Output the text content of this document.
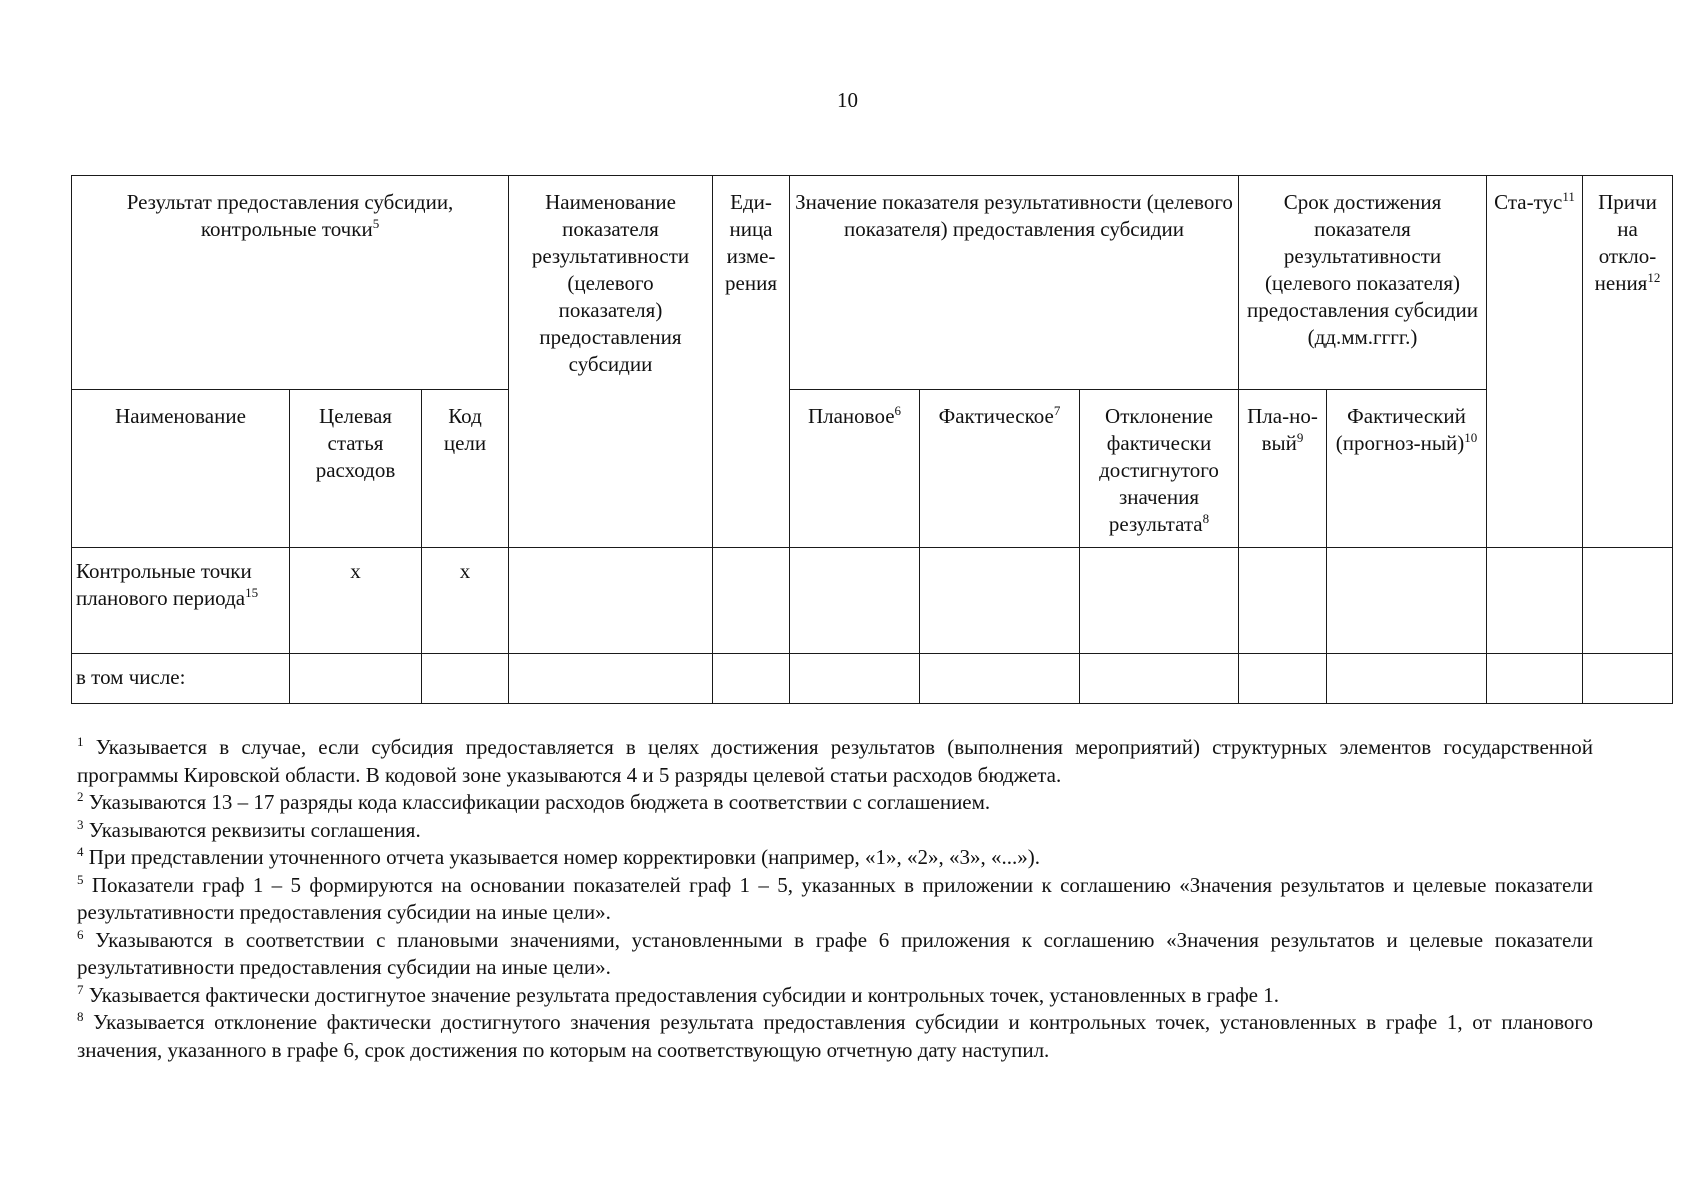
10
Результат предоставления субсидии, контрольные точки$^5$			Наименование показателя результативности (целевого показателя) предоставления субсидии	Еди-ница изме-рения	Значение показателя результативности (целевого показателя) предоставления субсидии			Срок достижения показателя результативности (целевого показателя) предоставления субсидии (дд.мм.гггг.)		Ста-тус$^{11}$	Причи на откло-нения$^{12}$
Наименование	Целевая статья расходов	Код цели			Плановое$^6$	Фактическое$^7$	Отклонение фактически достигнутого значения результата$^8$	Пла-но-вый$^9$	Фактический (прогноз-ный)$^{10}$
Контрольные точки планового периода$^{15}$	x	x									
в том числе:											

$^1$ Указывается в случае, если субсидия предоставляется в целях достижения результатов (выполнения мероприятий) структурных элементов государственной программы Кировской области. В кодовой зоне указываются 4 и 5 разряды целевой статьи расходов бюджета.

$^2$ Указываются 13 – 17 разряды кода классификации расходов бюджета в соответствии с соглашением.

$^3$ Указываются реквизиты соглашения.

$^4$ При представлении уточненного отчета указывается номер корректировки (например, «1», «2», «3», «...»).

$^5$ Показатели граф 1 – 5 формируются на основании показателей граф 1 – 5, указанных в приложении к соглашению «Значения результатов и целевые показатели результативности предоставления субсидии на иные цели».

$^6$ Указываются в соответствии с плановыми значениями, установленными в графе 6 приложения к соглашению «Значения результатов и целевые показатели результативности предоставления субсидии на иные цели».

$^7$ Указывается фактически достигнутое значение результата предоставления субсидии и контрольных точек, установленных в графе 1.

$^8$ Указывается отклонение фактически достигнутого значения результата предоставления субсидии и контрольных точек, установленных в графе 1, от планового значения, указанного в графе 6, срок достижения по которым на соответствующую отчетную дату наступил.
